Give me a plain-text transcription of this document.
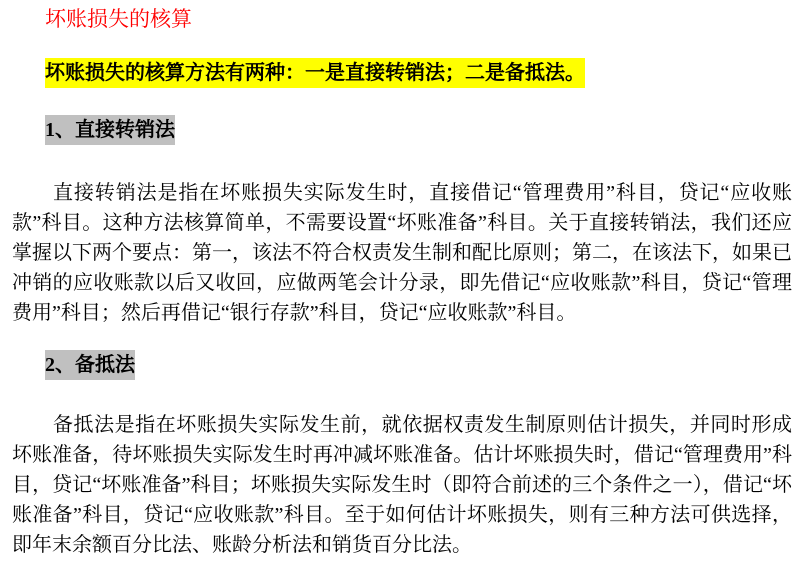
坏账损失的核算

坏账损失的核算方法有两种：一是直接转销法；二是备抵法。

1、直接转销法

直接转销法是指在坏账损失实际发生时，直接借记“管理费用”科目，贷记“应收账款”科目。这种方法核算简单，不需要设置“坏账准备”科目。关于直接转销法，我们还应掌握以下两个要点：第一，该法不符合权责发生制和配比原则；第二，在该法下，如果已冲销的应收账款以后又收回，应做两笔会计分录，即先借记“应收账款”科目，贷记“管理费用”科目；然后再借记“银行存款”科目，贷记“应收账款”科目。

2、备抵法

备抵法是指在坏账损失实际发生前，就依据权责发生制原则估计损失，并同时形成坏账准备，待坏账损失实际发生时再冲减坏账准备。估计坏账损失时，借记“管理费用”科目，贷记“坏账准备”科目；坏账损失实际发生时（即符合前述的三个条件之一），借记“坏账准备”科目，贷记“应收账款”科目。至于如何估计坏账损失，则有三种方法可供选择，即年末余额百分比法、账龄分析法和销货百分比法。
